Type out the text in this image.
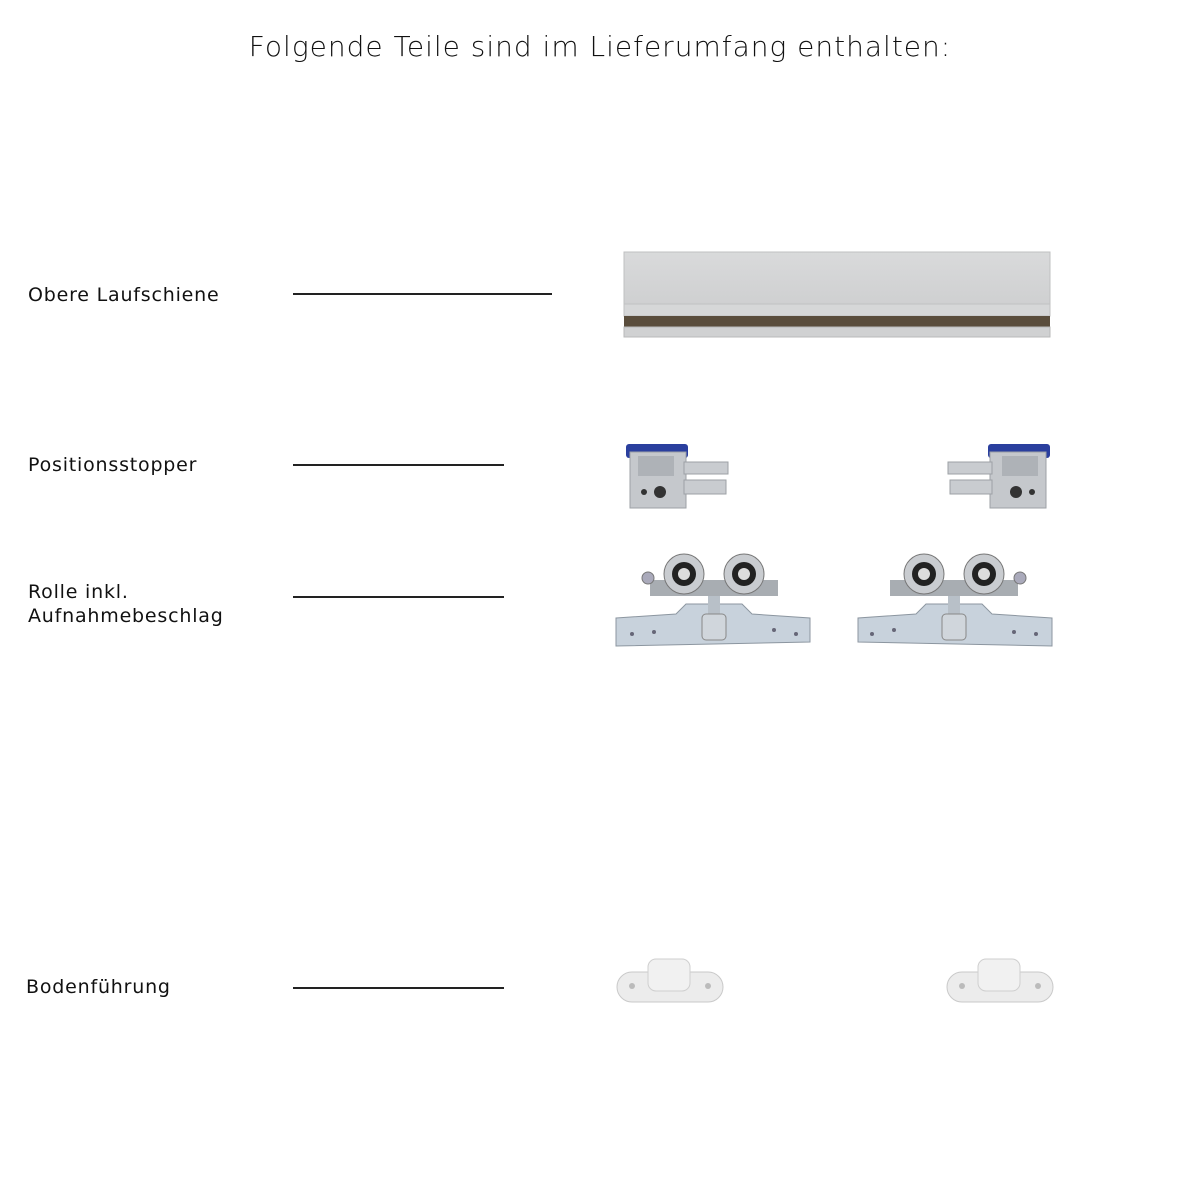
Folgende Teile sind im Lieferumfang enthalten:
Obere Laufschiene
Positionsstopper
Rolle inkl.
Aufnahmebeschlag
Bodenführung
